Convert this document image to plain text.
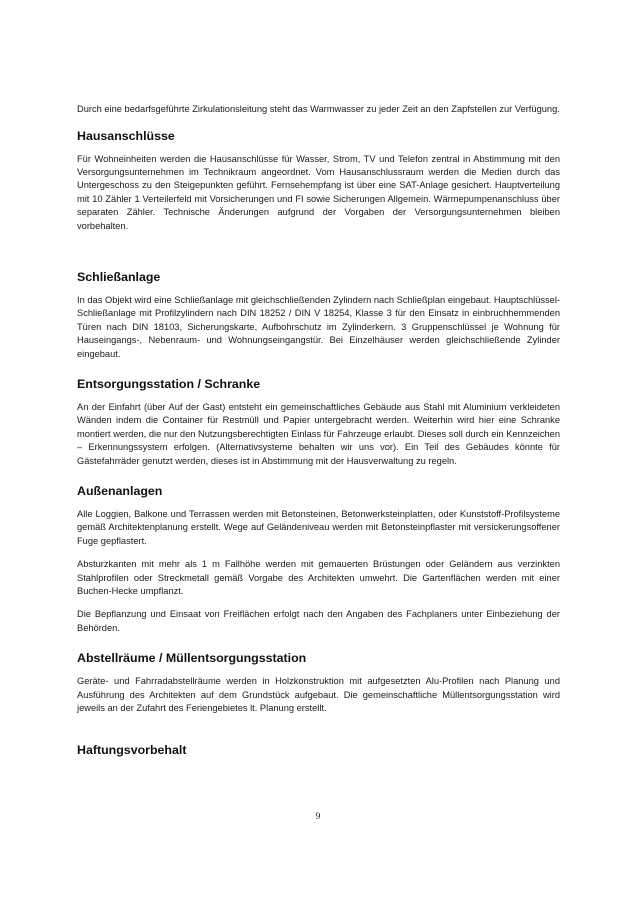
Durch eine bedarfsgeführte Zirkulationsleitung steht das Warmwasser zu jeder Zeit an den Zapfstellen zur Verfügung.

Hausanschlüsse

Für Wohneinheiten werden die Hausanschlüsse für Wasser, Strom, TV und Telefon zentral in Abstimmung mit den Versorgungsunternehmen im Technikraum angeordnet. Vom Hausanschlussraum werden die Medien durch das Untergeschoss zu den Steigepunkten geführt. Fernsehempfang ist über eine SAT-Anlage gesichert. Hauptverteilung mit 10 Zähler 1 Verteilerfeld mit Vorsicherungen und FI sowie Sicherungen Allgemein. Wärmepumpenanschluss über separaten Zähler. Technische Änderungen aufgrund der Vorgaben der Versorgungsunternehmen bleiben vorbehalten.

Schließanlage

In das Objekt wird eine Schließanlage mit gleichschließenden Zylindern nach Schließplan eingebaut. Hauptschlüssel-Schließanlage mit Profilzylindern nach DIN 18252 / DIN V 18254, Klasse 3 für den Einsatz in einbruchhemmenden Türen nach DIN 18103, Sicherungskarte, Aufbohrschutz im Zylinderkern. 3 Gruppenschlüssel je Wohnung für Hauseingangs-, Nebenraum- und Wohnungseingangstür. Bei Einzelhäuser werden gleichschließende Zylinder eingebaut.

Entsorgungsstation / Schranke

An der Einfahrt (über Auf der Gast) entsteht ein gemeinschaftliches Gebäude aus Stahl mit Aluminium verkleideten Wänden indem die Container für Restmüll und Papier untergebracht werden. Weiterhin wird hier eine Schranke montiert werden, die nur den Nutzungsberechtigten Einlass für Fahrzeuge erlaubt. Dieses soll durch ein Kennzeichen – Erkennungssystem erfolgen. (Alternativsysteme behalten wir uns vor). Ein Teil des Gebäudes könnte für Gästefahrräder genutzt werden, dieses ist in Abstimmung mit der Hausverwaltung zu regeln.

Außenanlagen

Alle Loggien, Balkone und Terrassen werden mit Betonsteinen, Betonwerksteinplatten, oder Kunststoff-Profilsysteme gemäß Architektenplanung erstellt. Wege auf Geländeniveau werden mit Betonsteinpflaster mit versickerungsoffener Fuge gepflastert.

Absturzkanten mit mehr als 1 m Fallhöhe werden mit gemauerten Brüstungen oder Geländern aus verzinkten Stahlprofilen oder Streckmetall gemäß Vorgabe des Architekten umwehrt. Die Gartenflächen werden mit einer Buchen-Hecke umpflanzt.

Die Bepflanzung und Einsaat von Freiflächen erfolgt nach den Angaben des Fachplaners unter Einbeziehung der Behörden.

Abstellräume / Müllentsorgungsstation

Geräte- und Fahrradabstellräume werden in Holzkonstruktion mit aufgesetzten Alu-Profilen nach Planung und Ausführung des Architekten auf dem Grundstück aufgebaut. Die gemeinschaftliche Müllentsorgungsstation wird jeweils an der Zufahrt des Feriengebietes lt. Planung erstellt.

Haftungsvorbehalt
9
